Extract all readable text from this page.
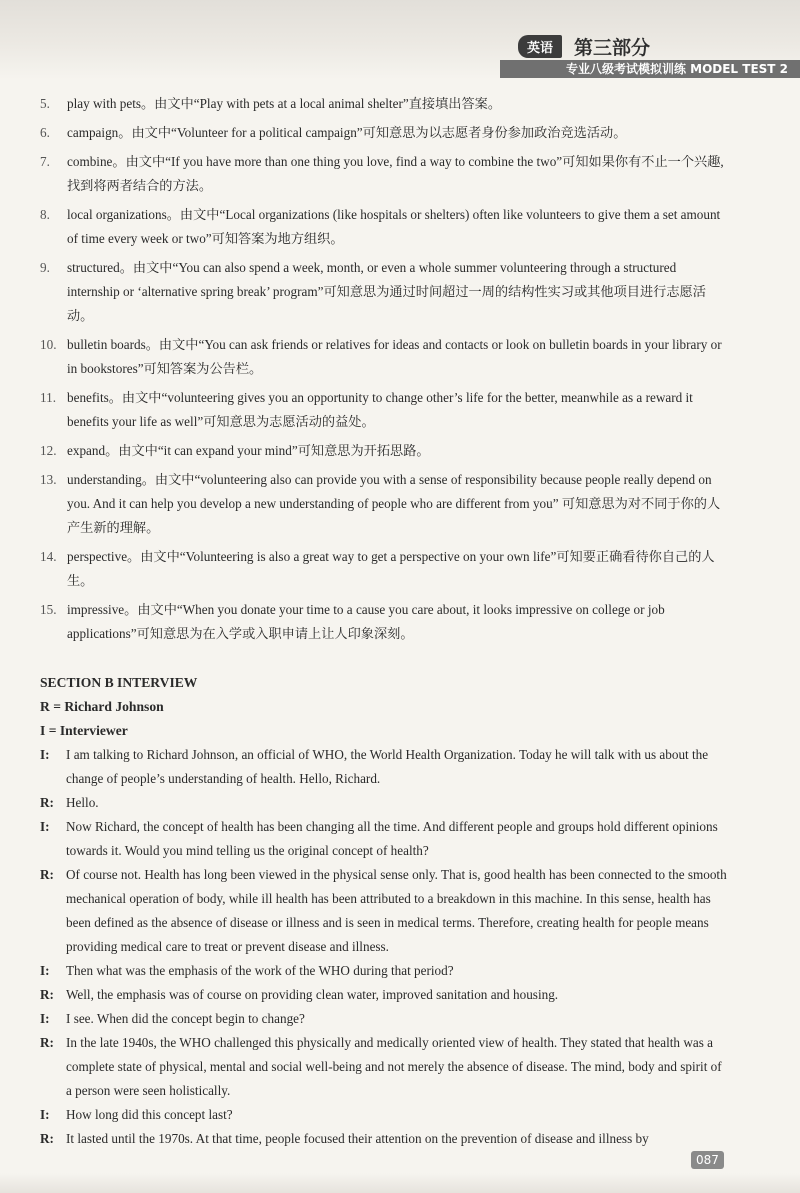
英语	第三部分
专业八级考试模拟训练 MODEL TEST 2
5.	play with pets。由文中“Play with pets at a local animal shelter”直接填出答案。
6.	campaign。由文中“Volunteer for a political campaign”可知意思为以志愿者身份参加政治竞选活动。
7.	combine。由文中“If you have more than one thing you love, find a way to combine the two”可知如果你有不止一个兴趣,找到将两者结合的方法。
8.	local organizations。由文中“Local organizations (like hospitals or shelters) often like volunteers to give them a set amount of time every week or two”可知答案为地方组织。
9.	structured。由文中“You can also spend a week, month, or even a whole summer volunteering through a structured internship or ‘alternative spring break’ program”可知意思为通过时间超过一周的结构性实习或其他项目进行志愿活动。
10. bulletin boards。由文中“You can ask friends or relatives for ideas and contacts or look on bulletin boards in your library or in bookstores”可知答案为公告栏。
11. benefits。由文中“volunteering gives you an opportunity to change other’s life for the better, meanwhile as a reward it benefits your life as well”可知意思为志愿活动的益处。
12. expand。由文中“it can expand your mind”可知意思为开拓思路。
13. understanding。由文中“volunteering also can provide you with a sense of responsibility because people really depend on you. And it can help you develop a new understanding of people who are different from you” 可知意思为对不同于你的人产生新的理解。
14. perspective。由文中“Volunteering is also a great way to get a perspective on your own life”可知要正确看待你自己的人生。
15. impressive。由文中“When you donate your time to a cause you care about, it looks impressive on college or job applications”可知意思为在入学或入职申请上让人印象深刻。
SECTION B INTERVIEW
R = Richard Johnson
I = Interviewer
I:	I am talking to Richard Johnson, an official of WHO, the World Health Organization. Today he will talk with us about the change of people’s understanding of health. Hello, Richard.
R: Hello.
I:	Now Richard, the concept of health has been changing all the time. And different people and groups hold different opinions towards it. Would you mind telling us the original concept of health?
R: Of course not. Health has long been viewed in the physical sense only. That is, good health has been connected to the smooth mechanical operation of body, while ill health has been attributed to a breakdown in this machine. In this sense, health has been defined as the absence of disease or illness and is seen in medical terms. Therefore, creating health for people means providing medical care to treat or prevent disease and illness.
I:	Then what was the emphasis of the work of the WHO during that period?
R: Well, the emphasis was of course on providing clean water, improved sanitation and housing.
I:	I see. When did the concept begin to change?
R: In the late 1940s, the WHO challenged this physically and medically oriented view of health. They stated that health was a complete state of physical, mental and social well-being and not merely the absence of disease. The mind, body and spirit of a person were seen holistically.
I:	How long did this concept last?
R: It lasted until the 1970s. At that time, people focused their attention on the prevention of disease and illness by
087
